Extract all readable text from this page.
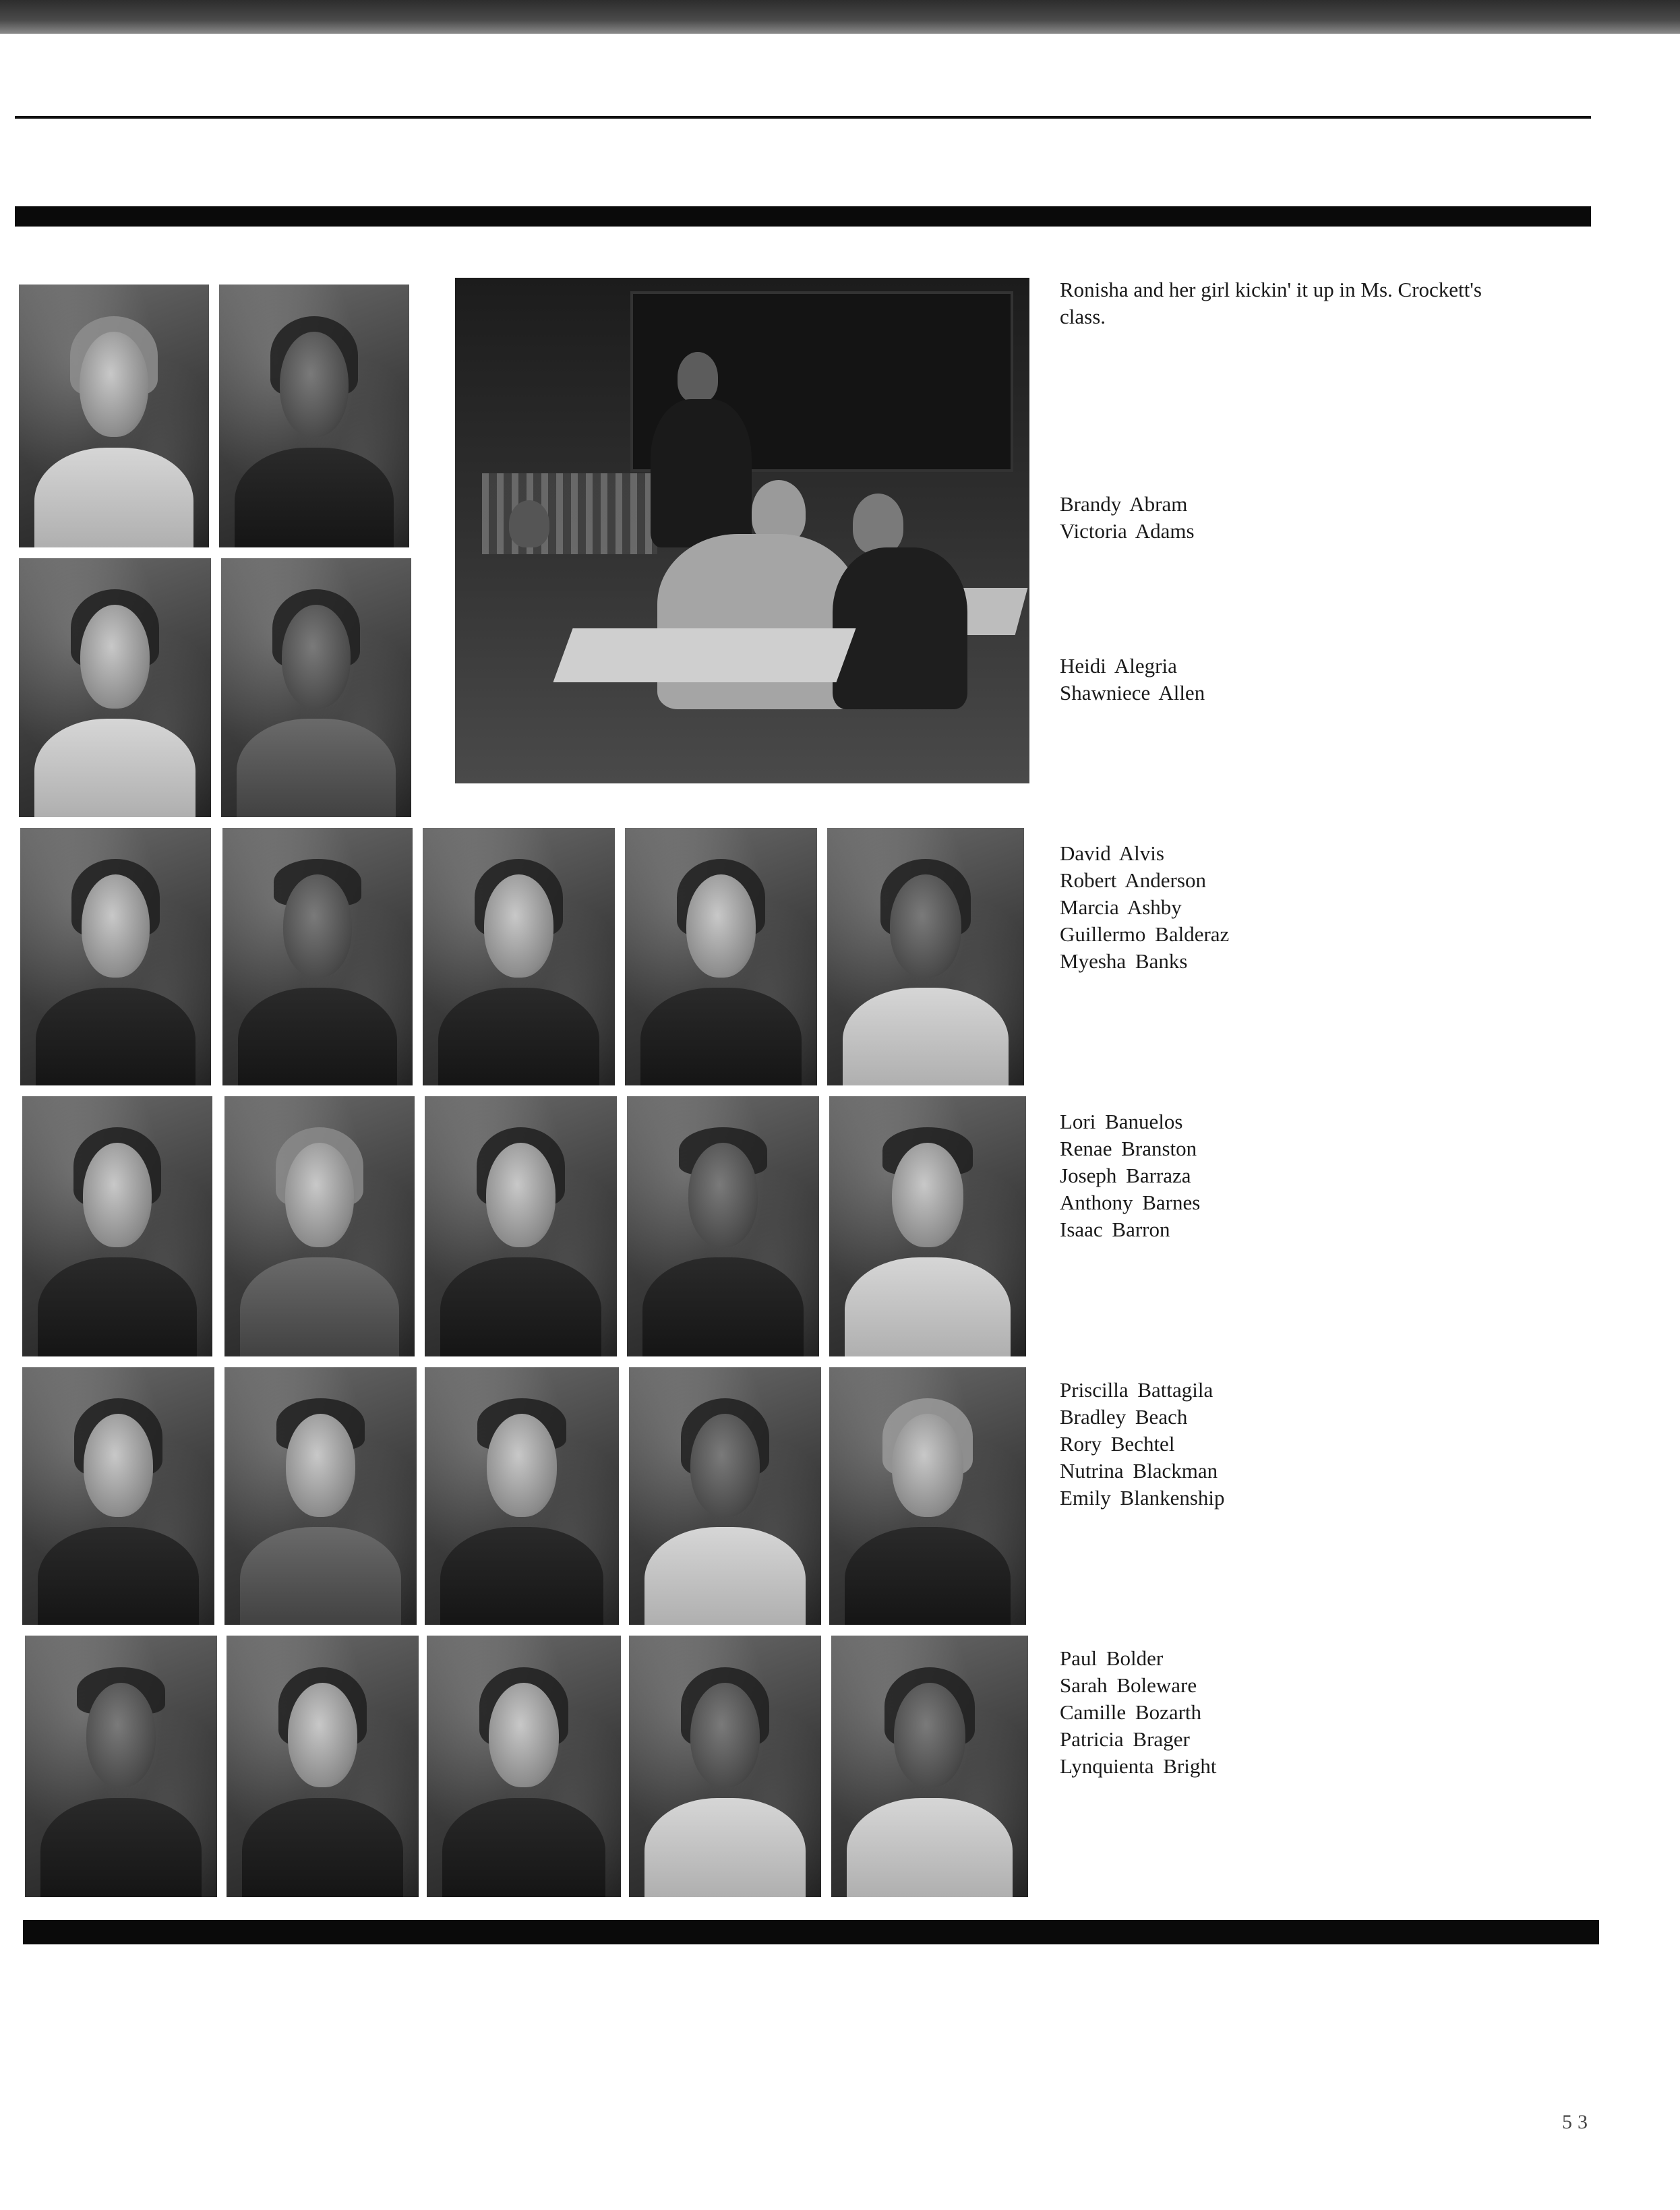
Ronisha and her girl kickin' it up in Ms. Crockett's class.

Brandy Abram
Victoria Adams
Heidi Alegria
Shawniece Allen
David Alvis
Robert Anderson
Marcia Ashby
Guillermo Balderaz
Myesha Banks
Lori Banuelos
Renae Branston
Joseph Barraza
Anthony Barnes
Isaac Barron
Priscilla Battagila
Bradley Beach
Rory Bechtel
Nutrina Blackman
Emily Blankenship
Paul Bolder
Sarah Boleware
Camille Bozarth
Patricia Brager
Lynquienta Bright
53
